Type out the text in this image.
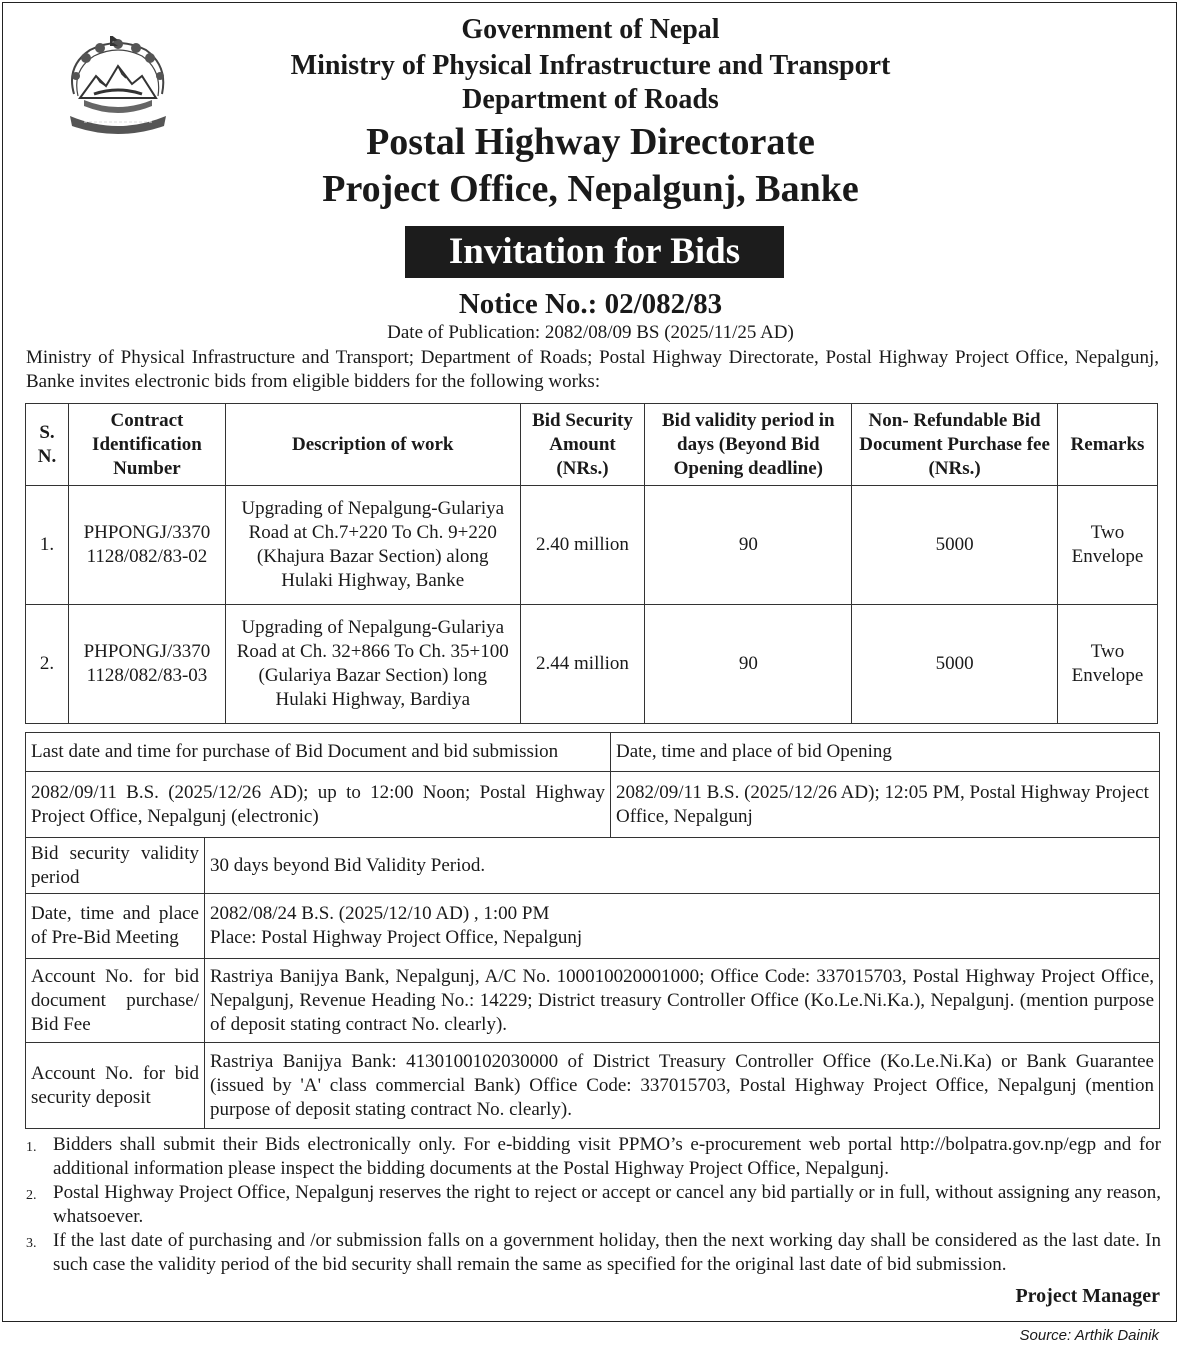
Government of Nepal
Ministry of Physical Infrastructure and Transport
Department of Roads
Postal Highway Directorate
Project Office, Nepalgunj, Banke
Invitation for Bids
Notice No.: 02/082/83
Date of Publication: 2082/08/09 BS (2025/11/25 AD)
Ministry of Physical Infrastructure and Transport; Department of Roads; Postal Highway Directorate, Postal Highway Project Office, Nepalgunj, Banke invites electronic bids from eligible bidders for the following works:
S. N.	Contract Identification Number	Description of work	Bid Security Amount (NRs.)	Bid validity period in days (Beyond Bid Opening deadline)	Non- Refundable Bid Document Purchase fee (NRs.)	Remarks
1.	PHPONGJ/3370 1128/082/83-02	Upgrading of Nepalgung-Gulariya Road at Ch.7+220 To Ch. 9+220 (Khajura Bazar Section) along Hulaki Highway, Banke	2.40 million	90	5000	Two Envelope
2.	PHPONGJ/3370 1128/082/83-03	Upgrading of Nepalgung-Gulariya Road at Ch. 32+866 To Ch. 35+100 (Gulariya Bazar Section) long Hulaki Highway, Bardiya	2.44 million	90	5000	Two Envelope
Last date and time for purchase of Bid Document and bid submission	Date, time and place of bid Opening
2082/09/11 B.S. (2025/12/26 AD); up to 12:00 Noon; Postal Highway Project Office, Nepalgunj (electronic)	2082/09/11 B.S. (2025/12/26 AD); 12:05 PM, Postal Highway Project Office, Nepalgunj
Bid security validity period	30 days beyond Bid Validity Period.

Date, time and place of Pre-Bid Meeting	2082/08/24 B.S. (2025/12/10 AD) , 1:00 PM
Place: Postal Highway Project Office, Nepalgunj

Account No. for bid document purchase/ Bid Fee	Rastriya Banijya Bank, Nepalgunj, A/C No. 100010020001000; Office Code: 337015703, Postal Highway Project Office, Nepalgunj, Revenue Heading No.: 14229; District treasury Controller Office (Ko.Le.Ni.Ka.), Nepalgunj. (mention purpose of deposit stating contract No. clearly).

Account No. for bid security deposit	Rastriya Banijya Bank: 4130100102030000 of District Treasury Controller Office (Ko.Le.Ni.Ka) or Bank Guarantee (issued by 'A' class commercial Bank) Office Code: 337015703, Postal Highway Project Office, Nepalgunj (mention purpose of deposit stating contract No. clearly).
1. Bidders shall submit their Bids electronically only. For e-bidding visit PPMO’s e-procurement web portal http://bolpatra.gov.np/egp and for additional information please inspect the bidding documents at the Postal Highway Project Office, Nepalgunj.
2. Postal Highway Project Office, Nepalgunj reserves the right to reject or accept or cancel any bid partially or in full, without assigning any reason, whatsoever.
3. If the last date of purchasing and /or submission falls on a government holiday, then the next working day shall be considered as the last date. In such case the validity period of the bid security shall remain the same as specified for the original last date of bid submission.
Project Manager
Source: Arthik Dainik
